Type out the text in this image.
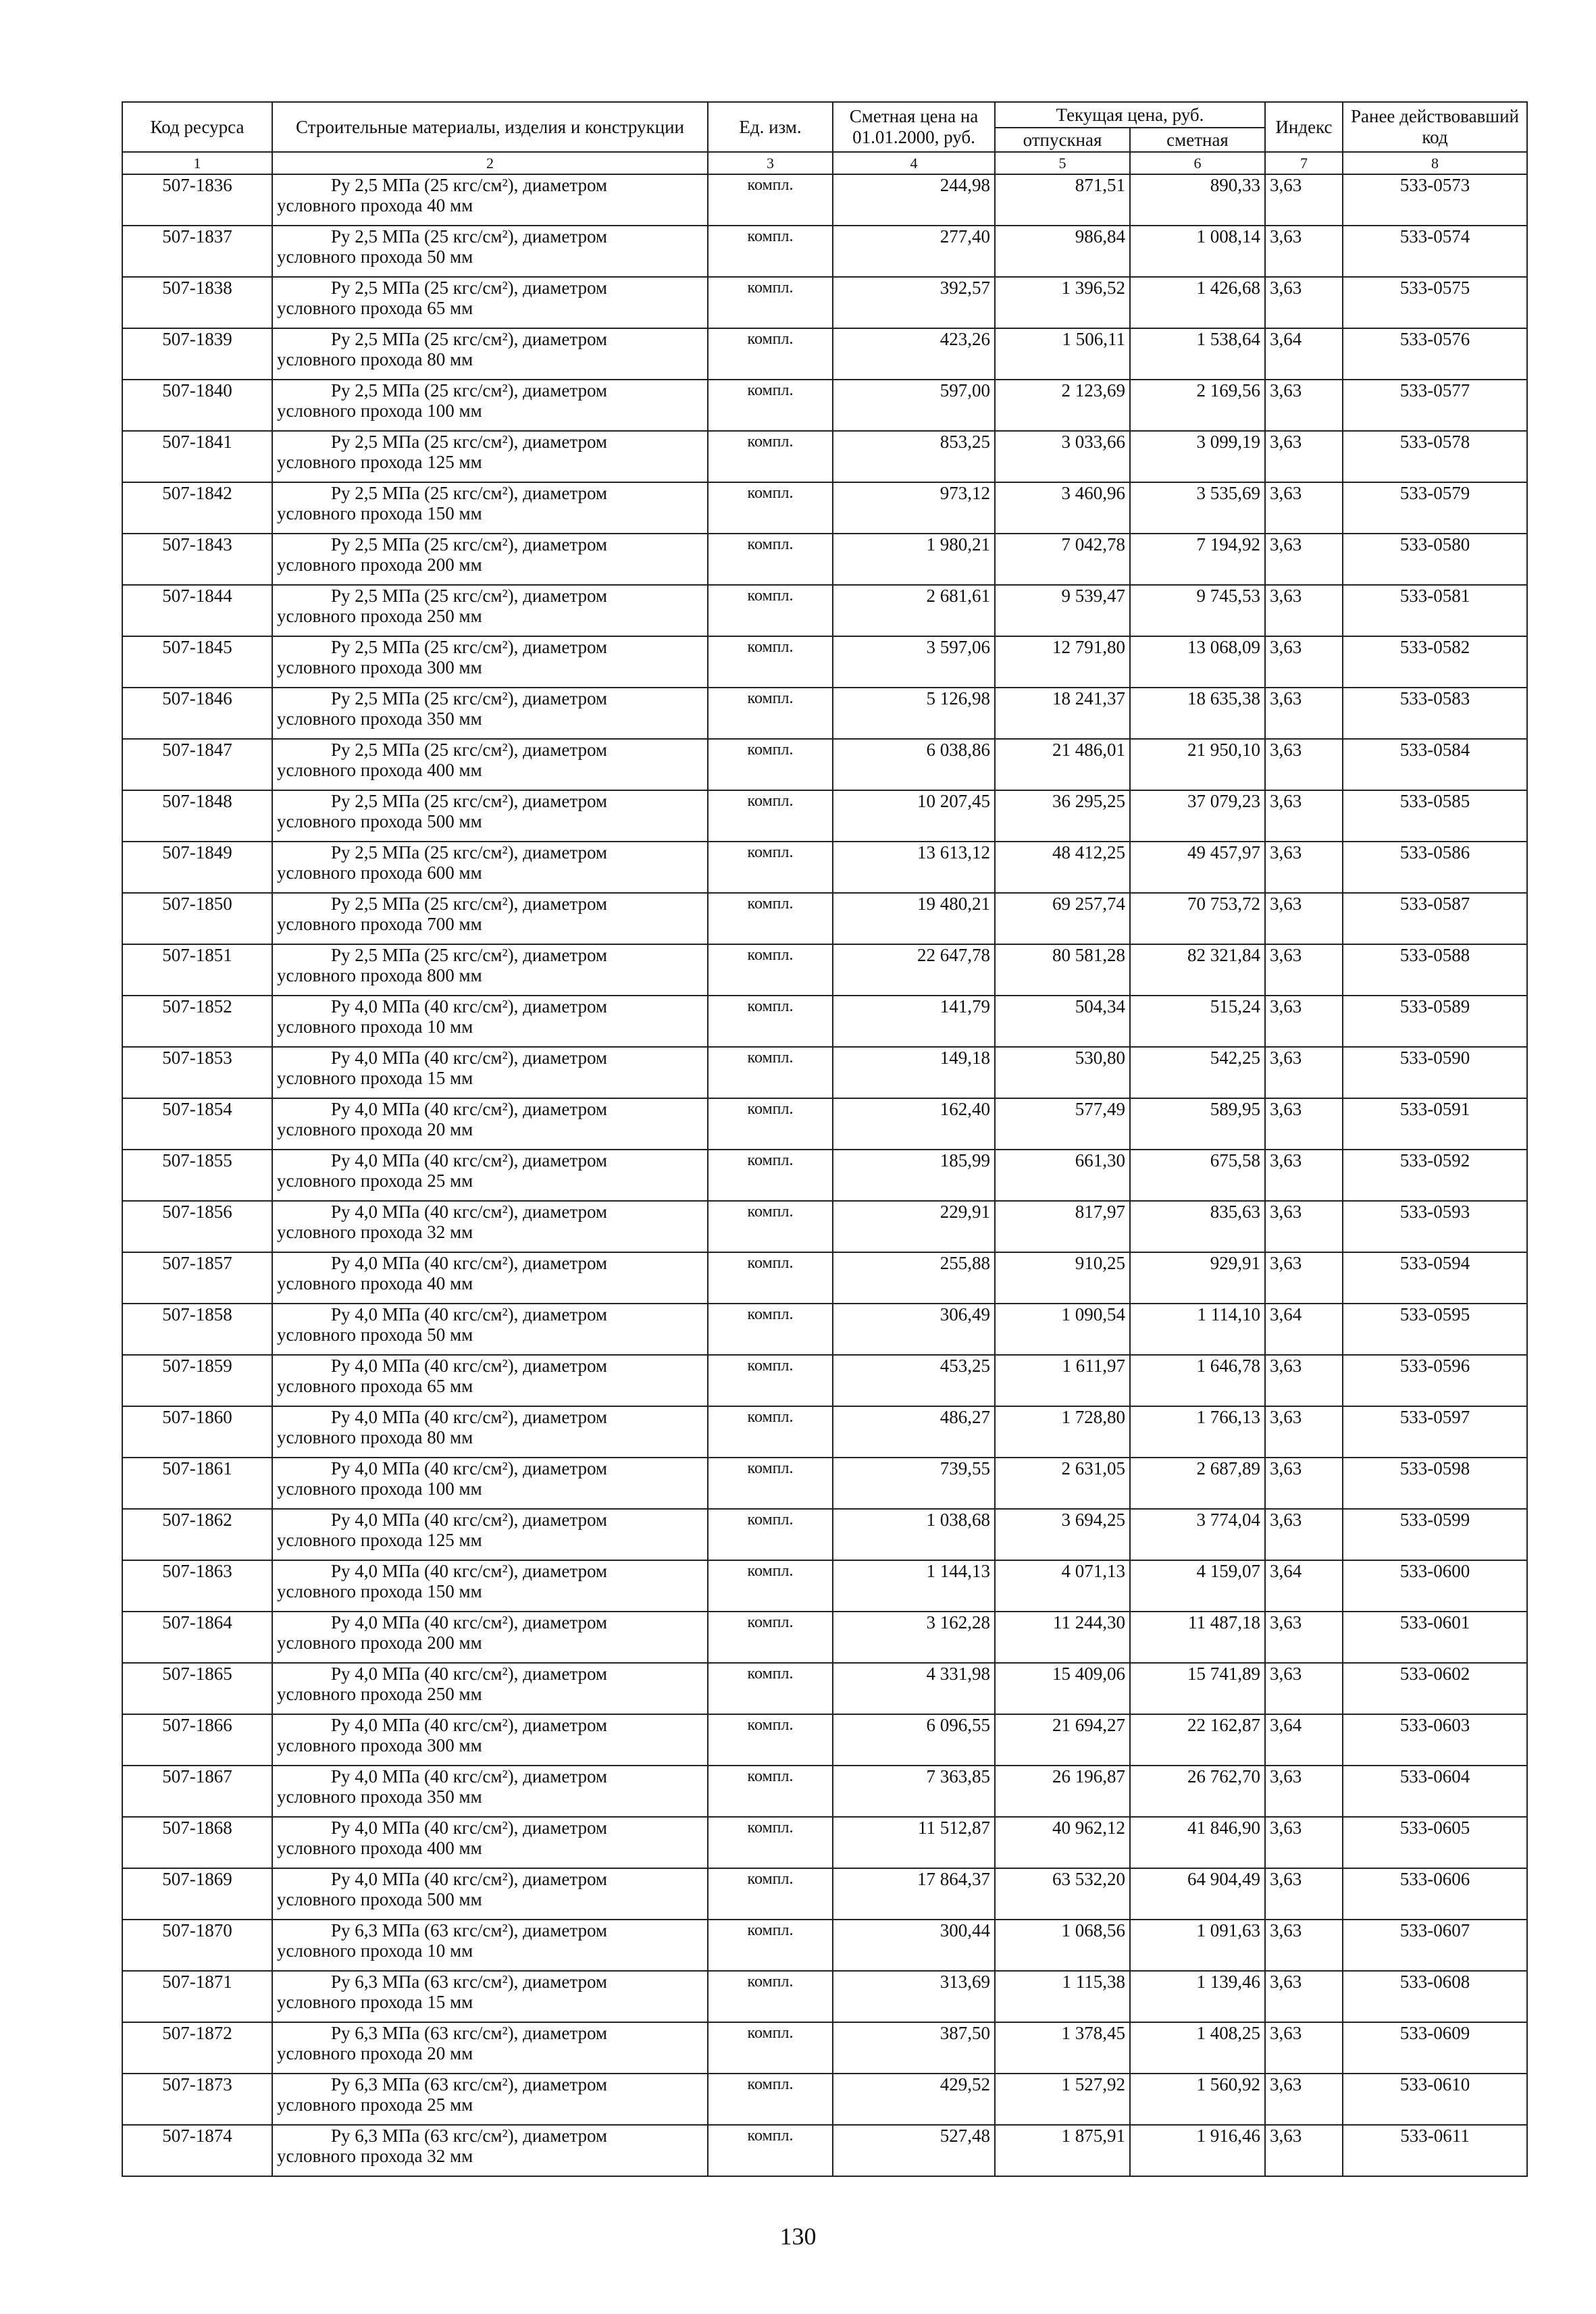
Код ресурса	Строительные материалы, изделия и конструкции	Ед. изм.	Сметная цена на 01.01.2000, руб.	Текущая цена, руб.		Индекс	Ранее действовавший код
				отпускная	сметная		
1	2	3	4	5	6	7	8
507-1836	Ру 2,5 МПа (25 кгс/см²), диаметром
условного прохода 40 мм	компл.	244,98	871,51	890,33	3,63	533-0573
507-1837	Ру 2,5 МПа (25 кгс/см²), диаметром
условного прохода 50 мм	компл.	277,40	986,84	1 008,14	3,63	533-0574
507-1838	Ру 2,5 МПа (25 кгс/см²), диаметром
условного прохода 65 мм	компл.	392,57	1 396,52	1 426,68	3,63	533-0575
507-1839	Ру 2,5 МПа (25 кгс/см²), диаметром
условного прохода 80 мм	компл.	423,26	1 506,11	1 538,64	3,64	533-0576
507-1840	Ру 2,5 МПа (25 кгс/см²), диаметром
условного прохода 100 мм	компл.	597,00	2 123,69	2 169,56	3,63	533-0577
507-1841	Ру 2,5 МПа (25 кгс/см²), диаметром
условного прохода 125 мм	компл.	853,25	3 033,66	3 099,19	3,63	533-0578
507-1842	Ру 2,5 МПа (25 кгс/см²), диаметром
условного прохода 150 мм	компл.	973,12	3 460,96	3 535,69	3,63	533-0579
507-1843	Ру 2,5 МПа (25 кгс/см²), диаметром
условного прохода 200 мм	компл.	1 980,21	7 042,78	7 194,92	3,63	533-0580
507-1844	Ру 2,5 МПа (25 кгс/см²), диаметром
условного прохода 250 мм	компл.	2 681,61	9 539,47	9 745,53	3,63	533-0581
507-1845	Ру 2,5 МПа (25 кгс/см²), диаметром
условного прохода 300 мм	компл.	3 597,06	12 791,80	13 068,09	3,63	533-0582
507-1846	Ру 2,5 МПа (25 кгс/см²), диаметром
условного прохода 350 мм	компл.	5 126,98	18 241,37	18 635,38	3,63	533-0583
507-1847	Ру 2,5 МПа (25 кгс/см²), диаметром
условного прохода 400 мм	компл.	6 038,86	21 486,01	21 950,10	3,63	533-0584
507-1848	Ру 2,5 МПа (25 кгс/см²), диаметром
условного прохода 500 мм	компл.	10 207,45	36 295,25	37 079,23	3,63	533-0585
507-1849	Ру 2,5 МПа (25 кгс/см²), диаметром
условного прохода 600 мм	компл.	13 613,12	48 412,25	49 457,97	3,63	533-0586
507-1850	Ру 2,5 МПа (25 кгс/см²), диаметром
условного прохода 700 мм	компл.	19 480,21	69 257,74	70 753,72	3,63	533-0587
507-1851	Ру 2,5 МПа (25 кгс/см²), диаметром
условного прохода 800 мм	компл.	22 647,78	80 581,28	82 321,84	3,63	533-0588
507-1852	Ру 4,0 МПа (40 кгс/см²), диаметром
условного прохода 10 мм	компл.	141,79	504,34	515,24	3,63	533-0589
507-1853	Ру 4,0 МПа (40 кгс/см²), диаметром
условного прохода 15 мм	компл.	149,18	530,80	542,25	3,63	533-0590
507-1854	Ру 4,0 МПа (40 кгс/см²), диаметром
условного прохода 20 мм	компл.	162,40	577,49	589,95	3,63	533-0591
507-1855	Ру 4,0 МПа (40 кгс/см²), диаметром
условного прохода 25 мм	компл.	185,99	661,30	675,58	3,63	533-0592
507-1856	Ру 4,0 МПа (40 кгс/см²), диаметром
условного прохода 32 мм	компл.	229,91	817,97	835,63	3,63	533-0593
507-1857	Ру 4,0 МПа (40 кгс/см²), диаметром
условного прохода 40 мм	компл.	255,88	910,25	929,91	3,63	533-0594
507-1858	Ру 4,0 МПа (40 кгс/см²), диаметром
условного прохода 50 мм	компл.	306,49	1 090,54	1 114,10	3,64	533-0595
507-1859	Ру 4,0 МПа (40 кгс/см²), диаметром
условного прохода 65 мм	компл.	453,25	1 611,97	1 646,78	3,63	533-0596
507-1860	Ру 4,0 МПа (40 кгс/см²), диаметром
условного прохода 80 мм	компл.	486,27	1 728,80	1 766,13	3,63	533-0597
507-1861	Ру 4,0 МПа (40 кгс/см²), диаметром
условного прохода 100 мм	компл.	739,55	2 631,05	2 687,89	3,63	533-0598
507-1862	Ру 4,0 МПа (40 кгс/см²), диаметром
условного прохода 125 мм	компл.	1 038,68	3 694,25	3 774,04	3,63	533-0599
507-1863	Ру 4,0 МПа (40 кгс/см²), диаметром
условного прохода 150 мм	компл.	1 144,13	4 071,13	4 159,07	3,64	533-0600
507-1864	Ру 4,0 МПа (40 кгс/см²), диаметром
условного прохода 200 мм	компл.	3 162,28	11 244,30	11 487,18	3,63	533-0601
507-1865	Ру 4,0 МПа (40 кгс/см²), диаметром
условного прохода 250 мм	компл.	4 331,98	15 409,06	15 741,89	3,63	533-0602
507-1866	Ру 4,0 МПа (40 кгс/см²), диаметром
условного прохода 300 мм	компл.	6 096,55	21 694,27	22 162,87	3,64	533-0603
507-1867	Ру 4,0 МПа (40 кгс/см²), диаметром
условного прохода 350 мм	компл.	7 363,85	26 196,87	26 762,70	3,63	533-0604
507-1868	Ру 4,0 МПа (40 кгс/см²), диаметром
условного прохода 400 мм	компл.	11 512,87	40 962,12	41 846,90	3,63	533-0605
507-1869	Ру 4,0 МПа (40 кгс/см²), диаметром
условного прохода 500 мм	компл.	17 864,37	63 532,20	64 904,49	3,63	533-0606
507-1870	Ру 6,3 МПа (63 кгс/см²), диаметром
условного прохода 10 мм	компл.	300,44	1 068,56	1 091,63	3,63	533-0607
507-1871	Ру 6,3 МПа (63 кгс/см²), диаметром
условного прохода 15 мм	компл.	313,69	1 115,38	1 139,46	3,63	533-0608
507-1872	Ру 6,3 МПа (63 кгс/см²), диаметром
условного прохода 20 мм	компл.	387,50	1 378,45	1 408,25	3,63	533-0609
507-1873	Ру 6,3 МПа (63 кгс/см²), диаметром
условного прохода 25 мм	компл.	429,52	1 527,92	1 560,92	3,63	533-0610
507-1874	Ру 6,3 МПа (63 кгс/см²), диаметром
условного прохода 32 мм	компл.	527,48	1 875,91	1 916,46	3,63	533-0611
130
